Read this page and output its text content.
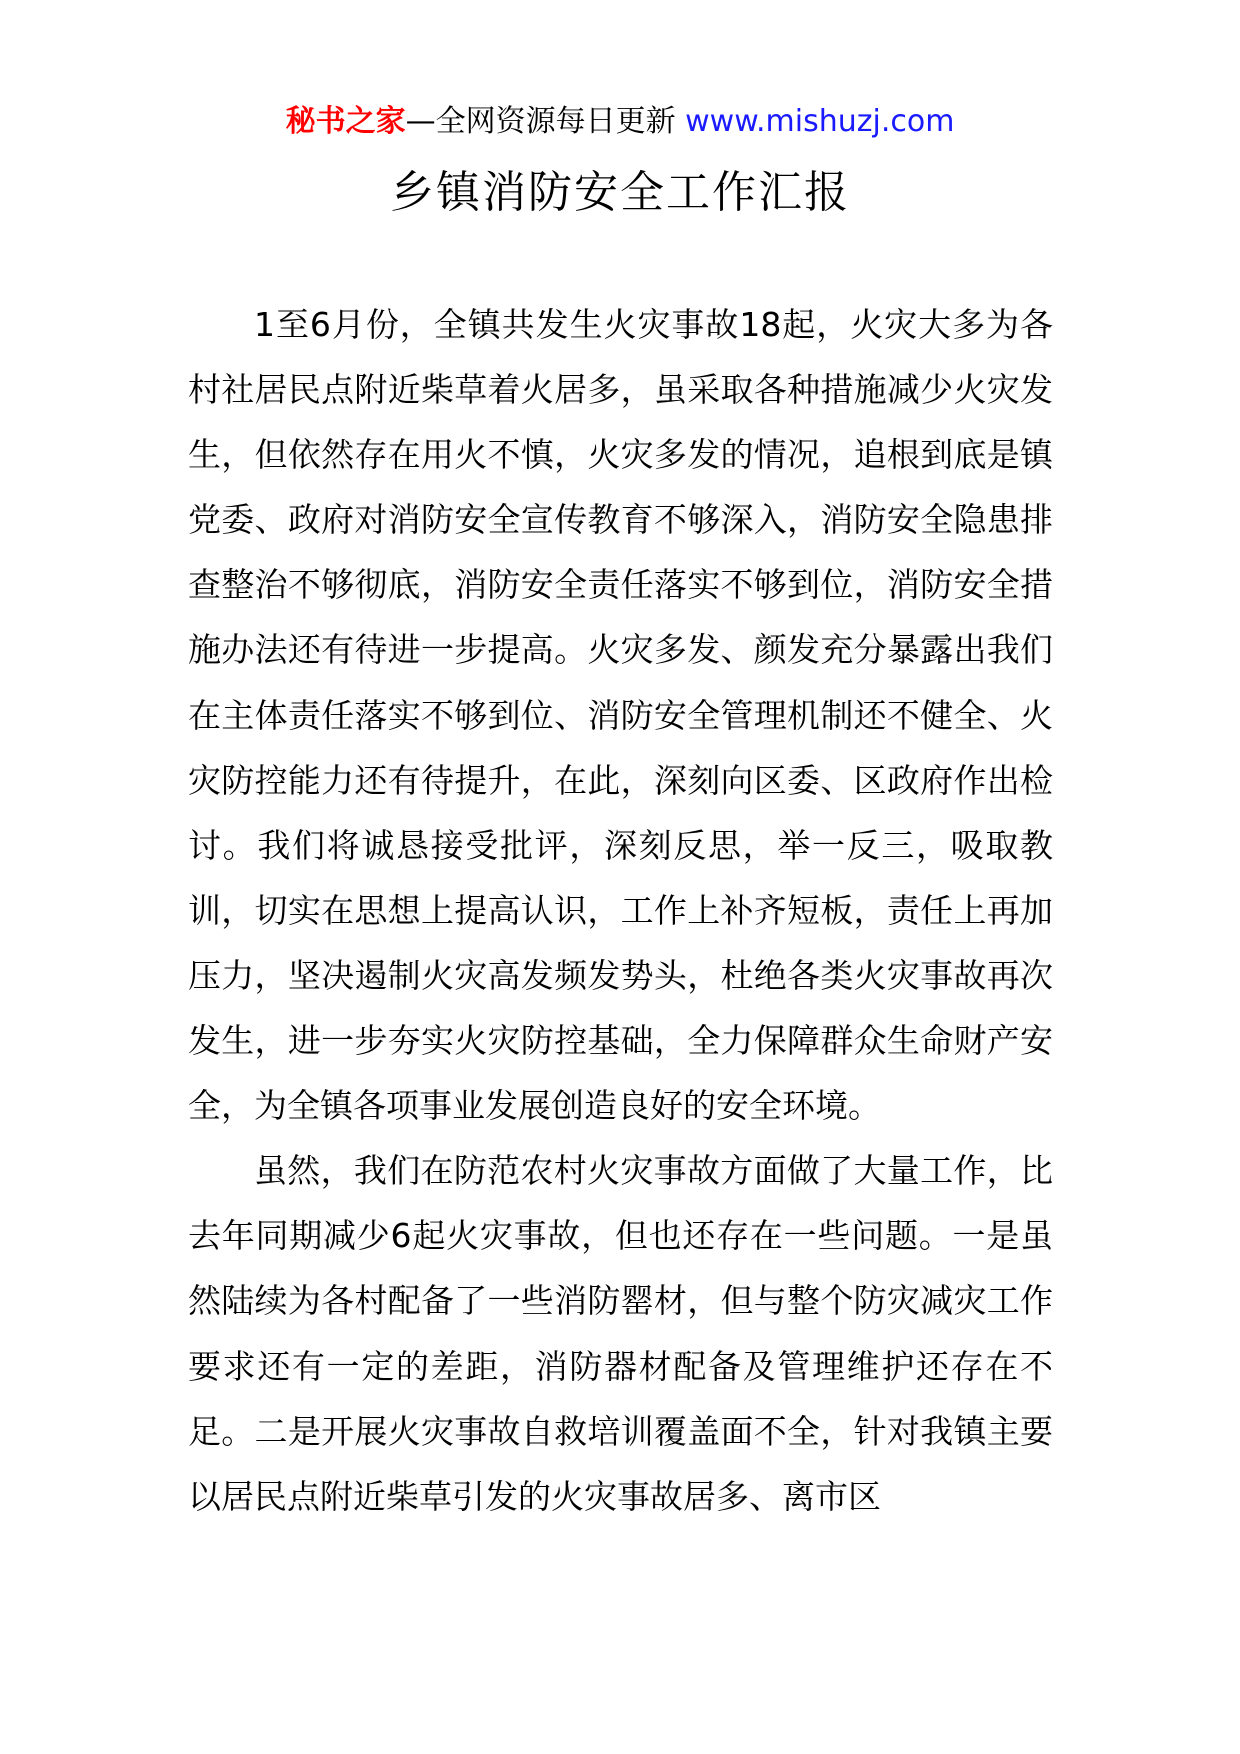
秘书之家—全网资源每日更新 www.mishuzj.com
乡镇消防安全工作汇报

1至6月份，全镇共发生火灾事故18起，火灾大多为各村社居民点附近柴草着火居多，虽采取各种措施减少火灾发生，但依然存在用火不慎，火灾多发的情况，追根到底是镇党委、政府对消防安全宣传教育不够深入，消防安全隐患排查整治不够彻底，消防安全责任落实不够到位，消防安全措施办法还有待进一步提高。火灾多发、颜发充分暴露出我们在主体责任落实不够到位、消防安全管理机制还不健全、火灾防控能力还有待提升，在此，深刻向区委、区政府作出检讨。我们将诚恳接受批评，深刻反思，举一反三，吸取教训，切实在思想上提高认识，工作上补齐短板，责任上再加压力，坚决遏制火灾高发频发势头，杜绝各类火灾事故再次发生，进一步夯实火灾防控基础，全力保障群众生命财产安全，为全镇各项事业发展创造良好的安全环境。

虽然，我们在防范农村火灾事故方面做了大量工作，比去年同期减少6起火灾事故，但也还存在一些问题。一是虽然陆续为各村配备了一些消防罂材，但与整个防灾减灾工作要求还有一定的差距，消防器材配备及管理维护还存在不足。二是开展火灾事故自救培训覆盖面不全，针对我镇主要以居民点附近柴草引发的火灾事故居多、离市区
